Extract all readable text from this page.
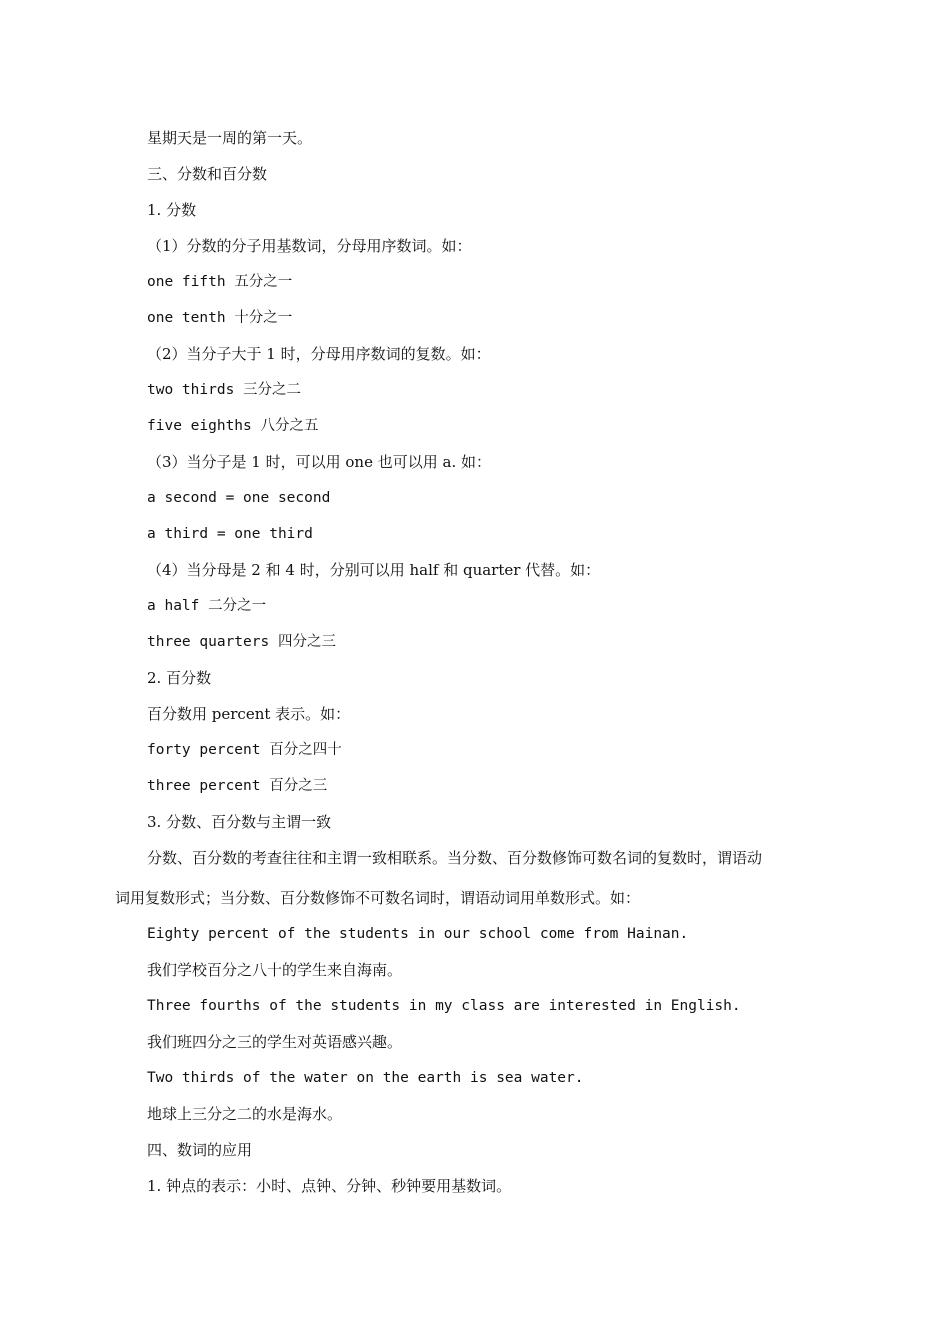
星期天是一周的第一天。
三、分数和百分数
1. 分数
（1）分数的分子用基数词，分母用序数词。如：
one fifth 五分之一
one tenth 十分之一
（2）当分子大于 1 时，分母用序数词的复数。如：
two thirds 三分之二
five eighths 八分之五
（3）当分子是 1 时，可以用 one 也可以用 a. 如：
a second = one second
a third = one third
（4）当分母是 2 和 4 时，分别可以用 half 和 quarter 代替。如：
a half 二分之一
three quarters 四分之三
2. 百分数
百分数用 percent 表示。如：
forty percent 百分之四十
three percent 百分之三
3. 分数、百分数与主谓一致
分数、百分数的考查往往和主谓一致相联系。当分数、百分数修饰可数名词的复数时，谓语动
词用复数形式；当分数、百分数修饰不可数名词时，谓语动词用单数形式。如：
Eighty percent of the students in our school come from Hainan.
我们学校百分之八十的学生来自海南。
Three fourths of the students in my class are interested in English.
我们班四分之三的学生对英语感兴趣。
Two thirds of the water on the earth is sea water.
地球上三分之二的水是海水。
四、数词的应用
1. 钟点的表示：小时、点钟、分钟、秒钟要用基数词。
